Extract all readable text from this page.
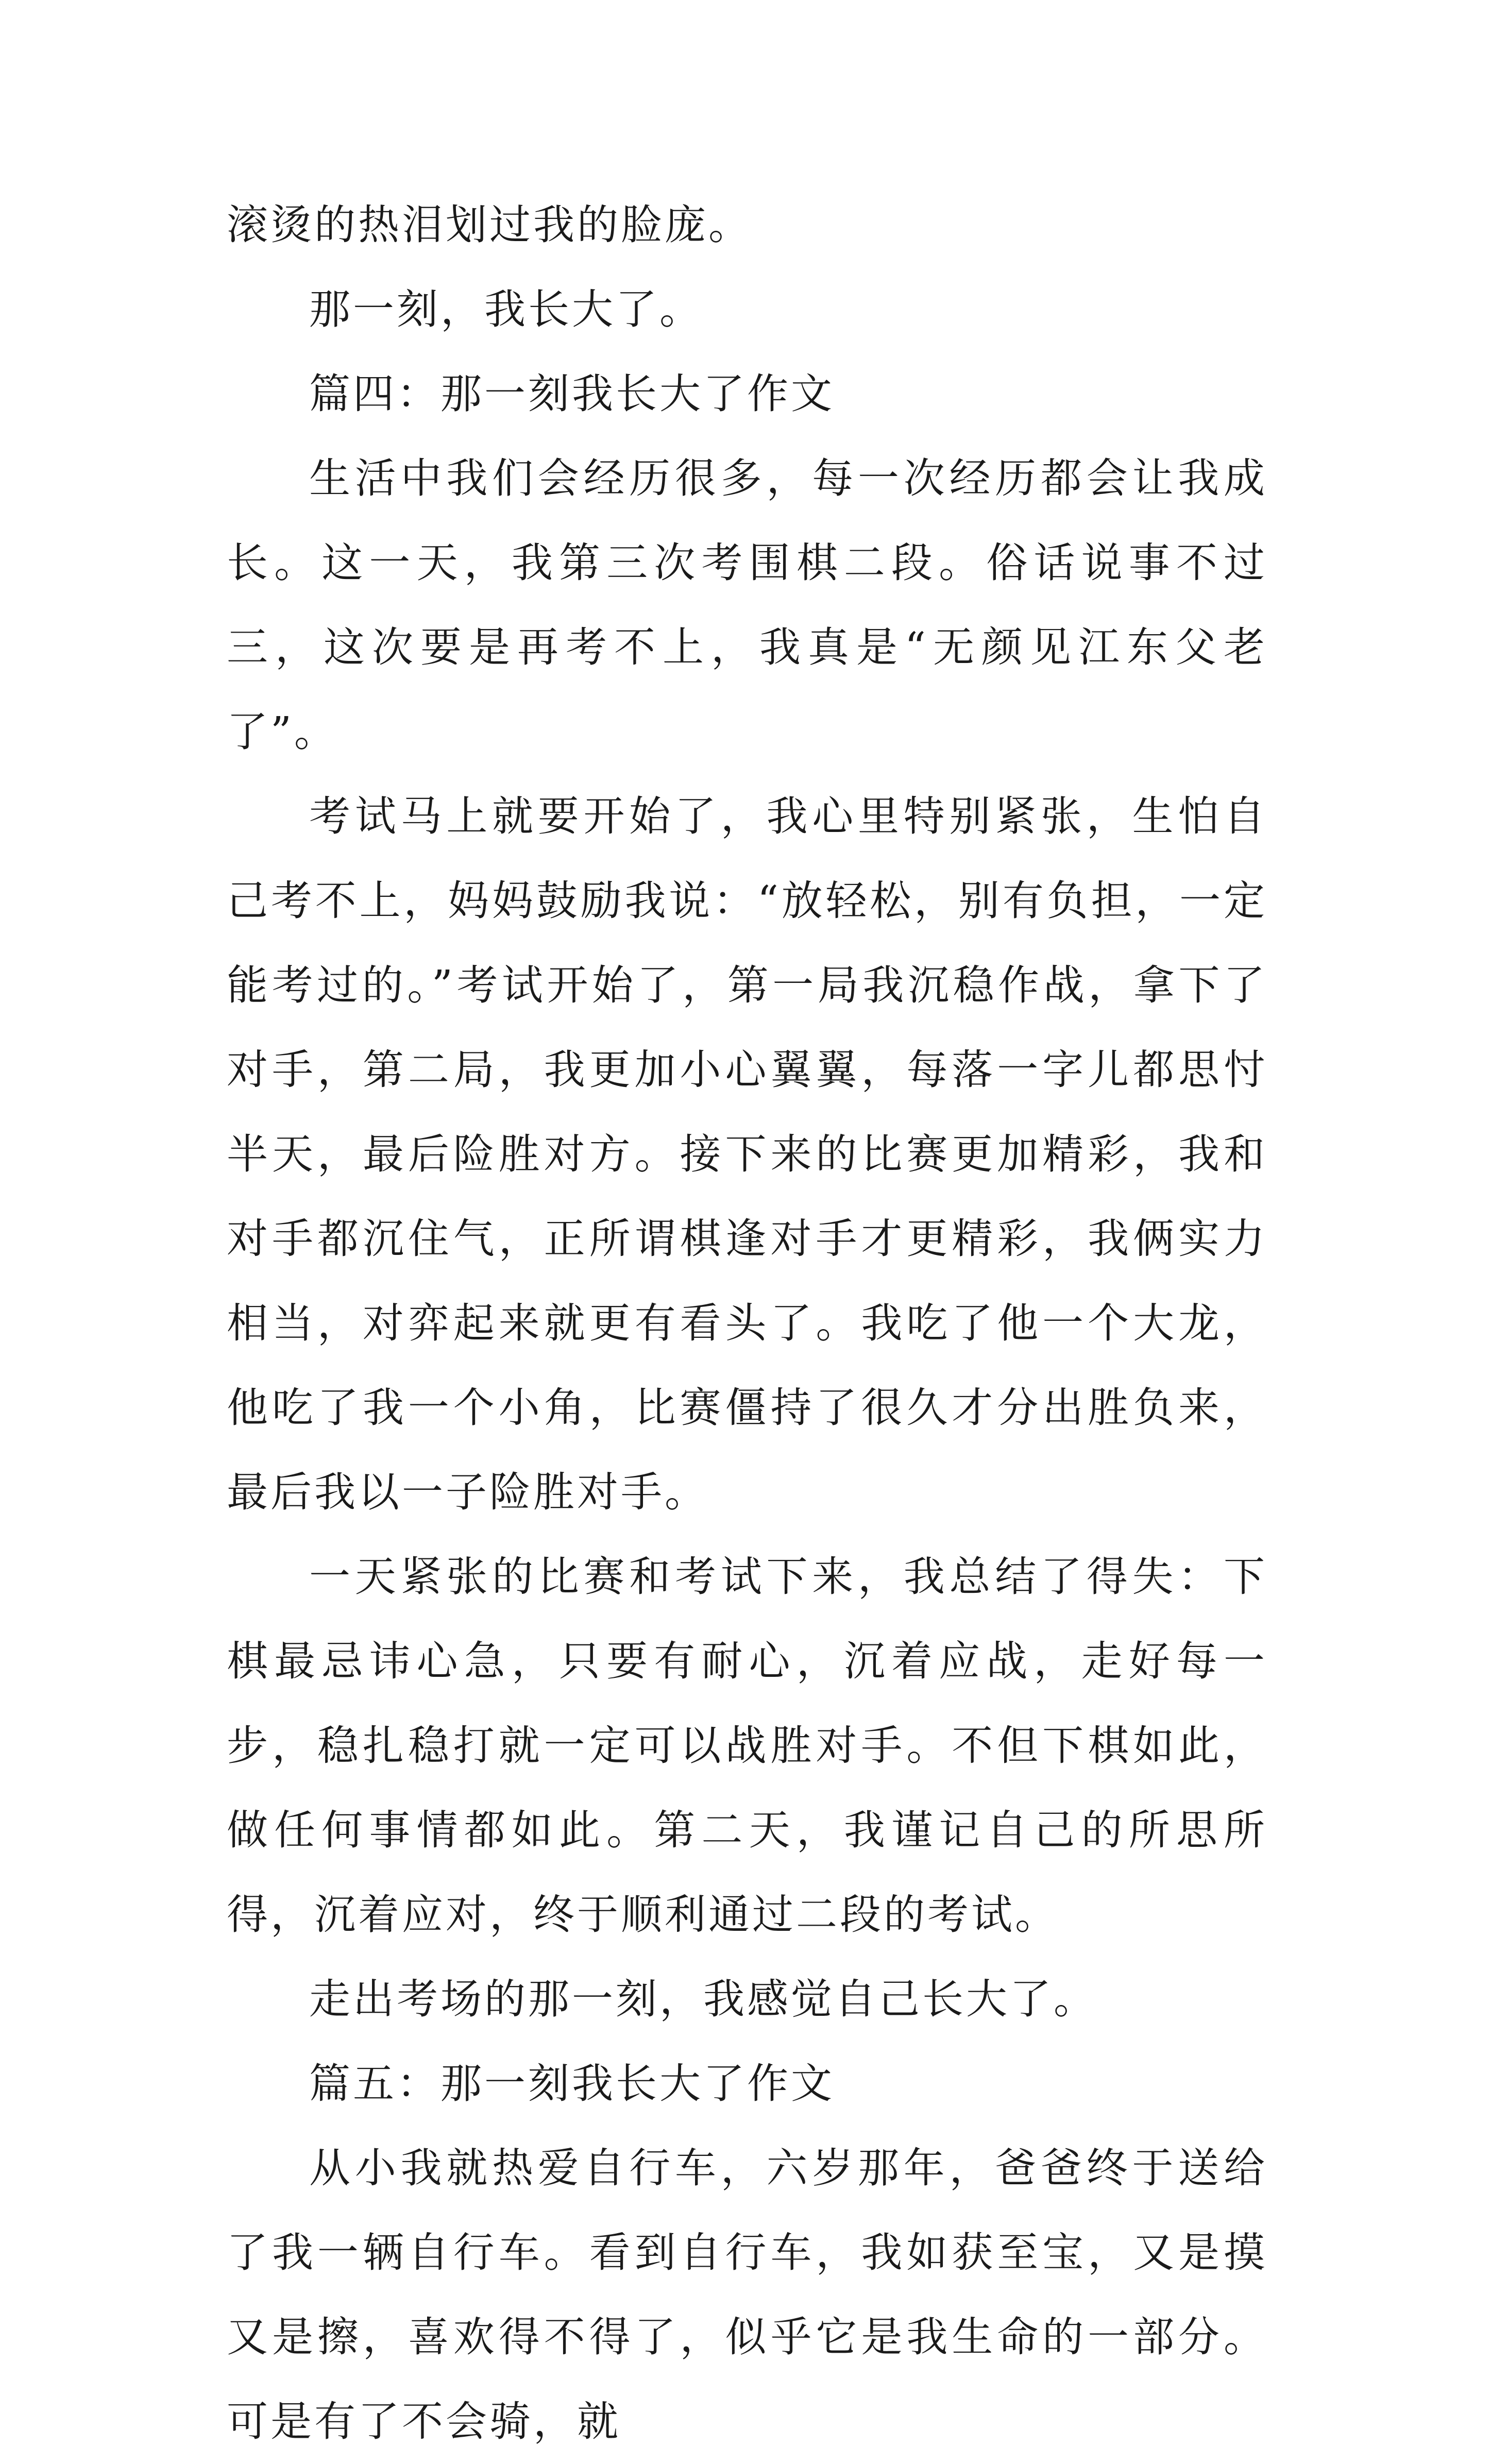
滚烫的热泪划过我的脸庞。

那一刻，我长大了。

篇四：那一刻我长大了作文

生活中我们会经历很多，每一次经历都会让我成长。这一天，我第三次考围棋二段。俗话说事不过三，这次要是再考不上，我真是“无颜见江东父老了”。

考试马上就要开始了，我心里特别紧张，生怕自己考不上，妈妈鼓励我说：“放轻松，别有负担，一定能考过的。”考试开始了，第一局我沉稳作战，拿下了对手，第二局，我更加小心翼翼，每落一字儿都思忖半天，最后险胜对方。接下来的比赛更加精彩，我和对手都沉住气，正所谓棋逢对手才更精彩，我俩实力相当，对弈起来就更有看头了。我吃了他一个大龙，他吃了我一个小角，比赛僵持了很久才分出胜负来，最后我以一子险胜对手。

一天紧张的比赛和考试下来，我总结了得失：下棋最忌讳心急，只要有耐心，沉着应战，走好每一步，稳扎稳打就一定可以战胜对手。不但下棋如此，做任何事情都如此。第二天，我谨记自己的所思所得，沉着应对，终于顺利通过二段的考试。

走出考场的那一刻，我感觉自己长大了。

篇五：那一刻我长大了作文

从小我就热爱自行车，六岁那年，爸爸终于送给了我一辆自行车。看到自行车，我如获至宝，又是摸又是擦，喜欢得不得了，似乎它是我生命的一部分。可是有了不会骑，就
